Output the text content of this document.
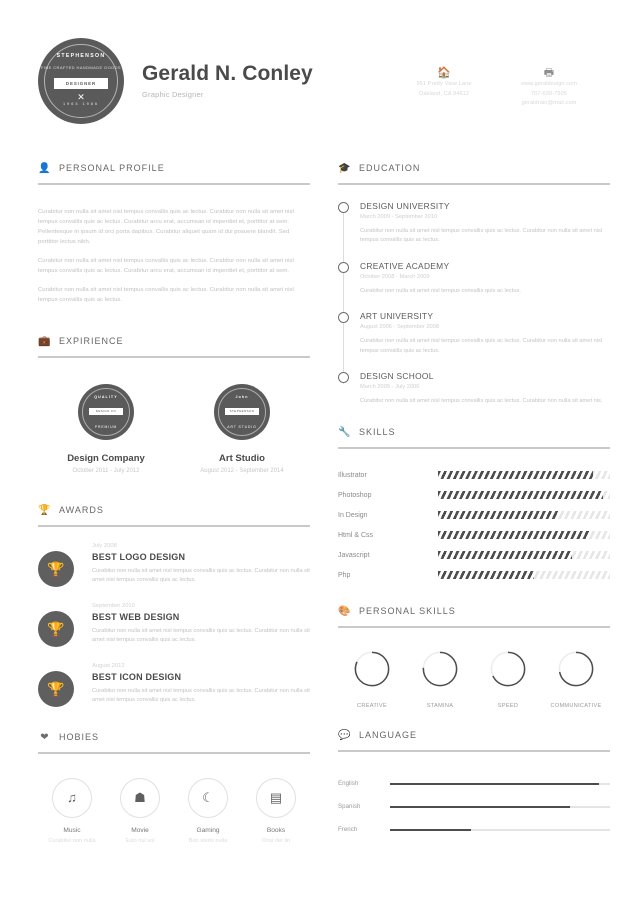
STEPHENSON
FINE CRAFTED HANDMADE GOODS
DESIGNER
✕
1963 1986
Gerald N. Conley
Graphic Designer
🏠
951 Pretty View Lane
Oakland, CA 94612
🖶
www.geraldesign.com
707-630-7905
geraldrain@mail.com
👤 PERSONAL PROFILE
Curabitur non nulla sit amet nisl tempus convallis quis ac lectus. Curabitur non nulla sit amet nisl tempus convallis quis ac lectus. Curabitur arcu erat, accumsan id imperdiet et, porttitor at sem. Pellentesque in ipsum id orci porta dapibus. Curabitur aliquet quam id dui posuere blandit. Sed porttitor lectus nibh.
Curabitur non nulla sit amet nisl tempus convallis quis ac lectus. Curabitur non nulla sit amet nisl tempus convallis quis ac lectus. Curabitur arcu erat, accumsan id imperdiet et, porttitor at sem.
Curabitur non nulla sit amet nisl tempus convallis quis ac lectus. Curabitur non nulla sit amet nisl tempus convallis quis ac lectus.
💼 EXPIRIENCE
QUALITY
DESIGN CO
PREMIUM
Design Company
October 2011 - July 2012
John
STEPHENSON
ART STUDIO
Art Studio
August 2012 - September 2014
🏆 AWARDS
🏆
July 2008
BEST LOGO DESIGN
Curabitur non nulla sit amet nisl tempus convallis quis ac lectus. Curabitur non nulla sit amet nisl tempus convallis quis ac lectus.
🏆
September 2010
BEST WEB DESIGN
Curabitur non nulla sit amet nisl tempus convallis quis ac lectus. Curabitur non nulla sit amet nisl tempus convallis quis ac lectus.
🏆
August 2012
BEST ICON DESIGN
Curabitur non nulla sit amet nisl tempus convallis quis ac lectus. Curabitur non nulla sit amet nisl tempus convallis quis ac lectus.
❤ HOBIES
♫
Music
Curabitur non nulla
☗
Movie
Esto nul sol
☾
Gaming
Bon sterio nulla
▤
Books
Onsi der lin
🎓 EDUCATION
DESIGN UNIVERSITY
March 2009 - September 2010
Curabitur non nulla sit amet nisl tempus convallis quis ac lectus. Curabitur non nulla sit amet nisl tempus convallis quis ac lectus.
CREATIVE ACADEMY
October 2008 - March 2009
Curabitur non nulla sit amet nisl tempus convallis quis ac lectus.
ART UNIVERSITY
August 2006 - September 2008
Curabitur non nulla sit amet nisl tempus convallis quis ac lectus. Curabitur non nulla sit amet nisl tempus convallis quis ac lectus.
DESIGN SCHOOL
March 2005 - July 2006
Curabitur non nulla sit amet nisl tempus convallis quis ac lectus. Curabitur non nulla sit amet nis.
🔧 SKILLS
Illustrator
Photoshop
In Design
Html & Css
Javascript
Php
🎨 PERSONAL SKILLS
CREATIVE	STAMINA	SPEED	COMMUNICATIVE
💬 LANGUAGE
English
Spanish
French
